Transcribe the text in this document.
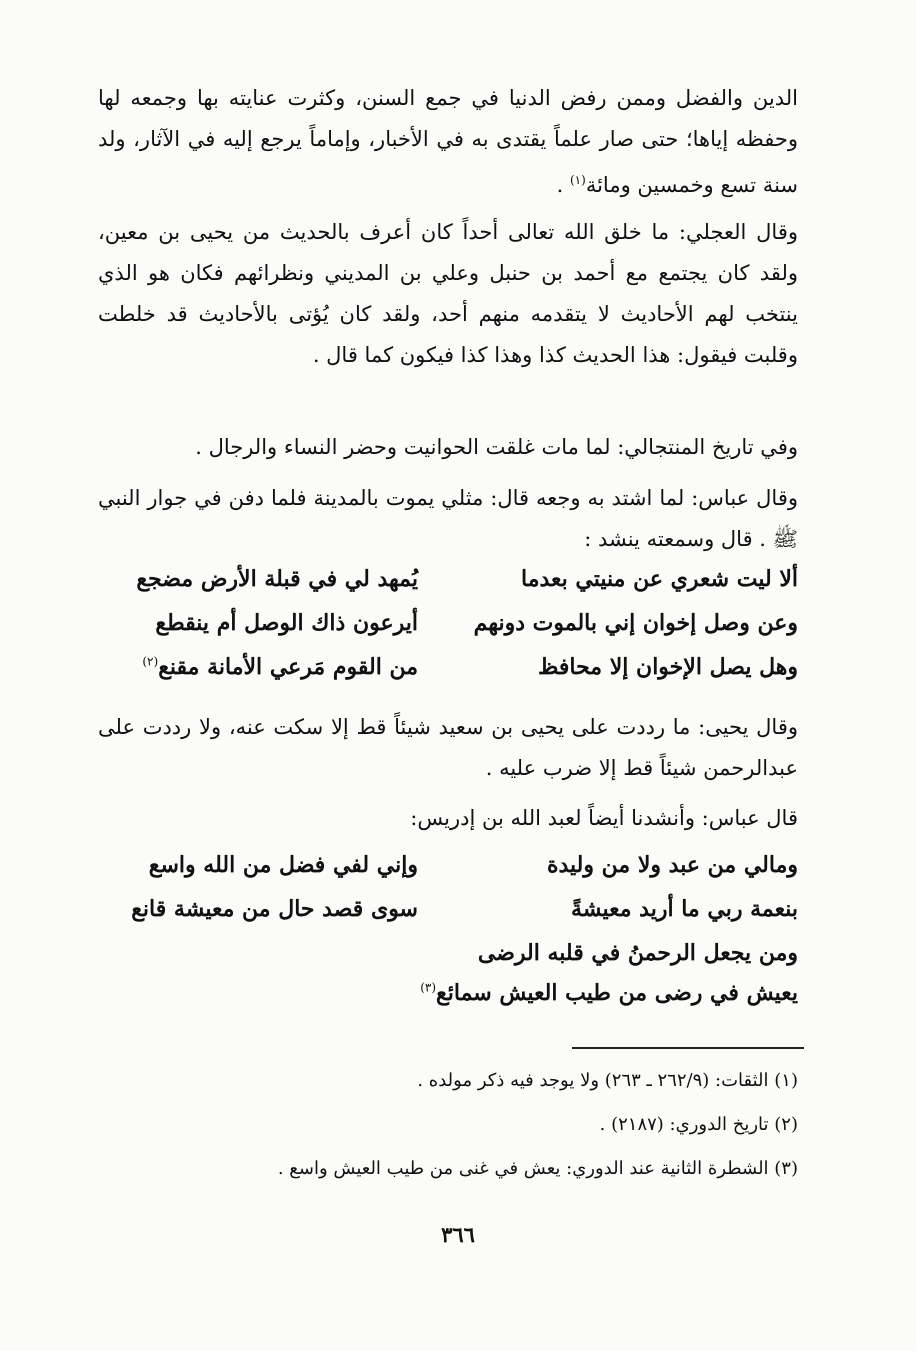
الدين والفضل وممن رفض الدنيا في جمع السنن، وكثرت عنايته بها وجمعه لها وحفظه إياها؛ حتى صار علماً يقتدى به في الأخبار، وإماماً يرجع إليه في الآثار، ولد سنة تسع وخمسين ومائة$^{(١)}$ .

وقال العجلي: ما خلق الله تعالى أحداً كان أعرف بالحديث من يحيى بن معين، ولقد كان يجتمع مع أحمد بن حنبل وعلي بن المديني ونظرائهم فكان هو الذي ينتخب لهم الأحاديث لا يتقدمه منهم أحد، ولقد كان يُؤتى بالأحاديث قد خلطت وقلبت فيقول: هذا الحديث كذا وهذا كذا فيكون كما قال .

وفي تاريخ المنتجالي: لما مات غلقت الحوانيت وحضر النساء والرجال .

وقال عباس: لما اشتد به وجعه قال: مثلي يموت بالمدينة فلما دفن في جوار النبي ﷺ . قال وسمعته ينشد :

ألا ليت شعري عن منيتي بعدما
يُمهد لي في قبلة الأرض مضجع
وعن وصل إخوان إني بالموت دونهم
أيرعون ذاك الوصل أم ينقطع
وهل يصل الإخوان إلا محافظ
من القوم مَرعي الأمانة مقنع$^{(٢)}$

وقال يحيى: ما رددت على يحيى بن سعيد شيئاً قط إلا سكت عنه، ولا رددت على عبدالرحمن شيئاً قط إلا ضرب عليه .

قال عباس: وأنشدنا أيضاً لعبد الله بن إدريس:

ومالي من عبد ولا من وليدة
وإني لفي فضل من الله واسع
بنعمة ربي ما أريد معيشةً
سوى قصد حال من معيشة قانع
ومن يجعل الرحمنُ في قلبه الرضى
يعيش في رضى من طيب العيش سمائع$^{(٣)}$

(١) الثقات: (٢٦٢/٩ ـ ٢٦٣) ولا يوجد فيه ذكر مولده .

(٢) تاريخ الدوري: (٢١٨٧) .

(٣) الشطرة الثانية عند الدوري: يعش في غنى من طيب العيش واسع .

٣٦٦
